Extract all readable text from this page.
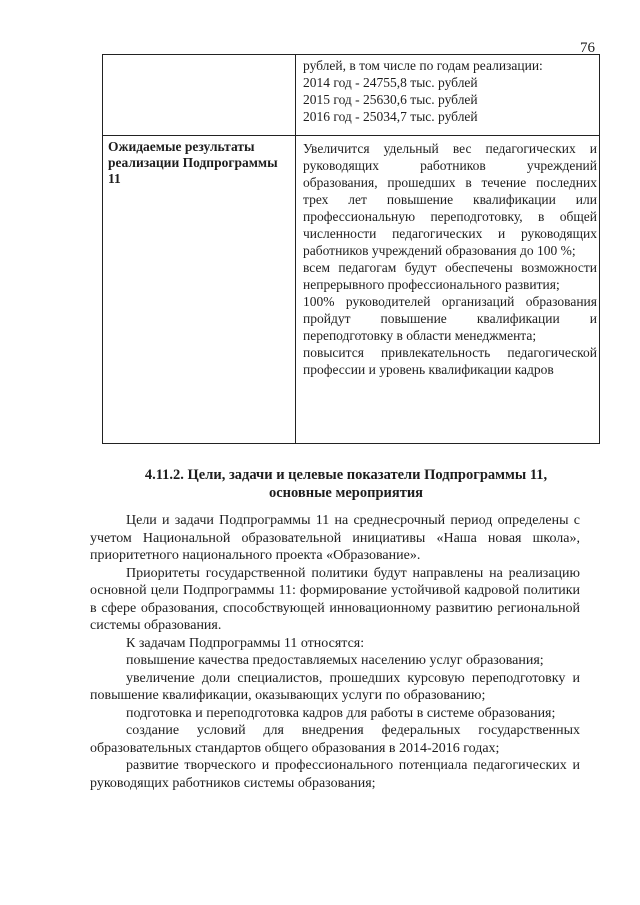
76

рублей, в том числе по годам реализации:

2014 год - 24755,8 тыс. рублей

2015 год - 25630,6 тыс. рублей

2016 год - 25034,7 тыс. рублей

Ожидаемые результаты реализации Подпрограммы 11

Увеличится удельный вес педагогических и руководящих работников учреждений образования, прошедших в течение последних трех лет повышение квалификации или профессиональную переподготовку, в общей численности педагогических и руководящих работников учреждений образования до 100 %;

всем педагогам будут обеспечены возможности непрерывного профессионального развития;

100% руководителей организаций образования пройдут повышение квалификации и переподготовку в области менеджмента;

повысится привлекательность педагогической профессии и уровень квалификации кадров

4.11.2. Цели, задачи и целевые показатели Подпрограммы 11, основные мероприятия

Цели и задачи Подпрограммы 11 на среднесрочный период определены с учетом Национальной образовательной инициативы «Наша новая школа», приоритетного национального проекта «Образование».

Приоритеты государственной политики будут направлены на реализацию основной цели Подпрограммы 11: формирование устойчивой кадровой политики в сфере образования, способствующей инновационному развитию региональной системы образования.

К задачам Подпрограммы 11 относятся:

повышение качества предоставляемых населению услуг образования;

увеличение доли специалистов, прошедших курсовую переподготовку и повышение квалификации, оказывающих услуги по образованию;

подготовка и переподготовка кадров для работы в системе образования;

создание условий для внедрения федеральных государственных образовательных стандартов общего образования в 2014-2016 годах;

развитие творческого и профессионального потенциала педагогических и руководящих работников системы образования;
